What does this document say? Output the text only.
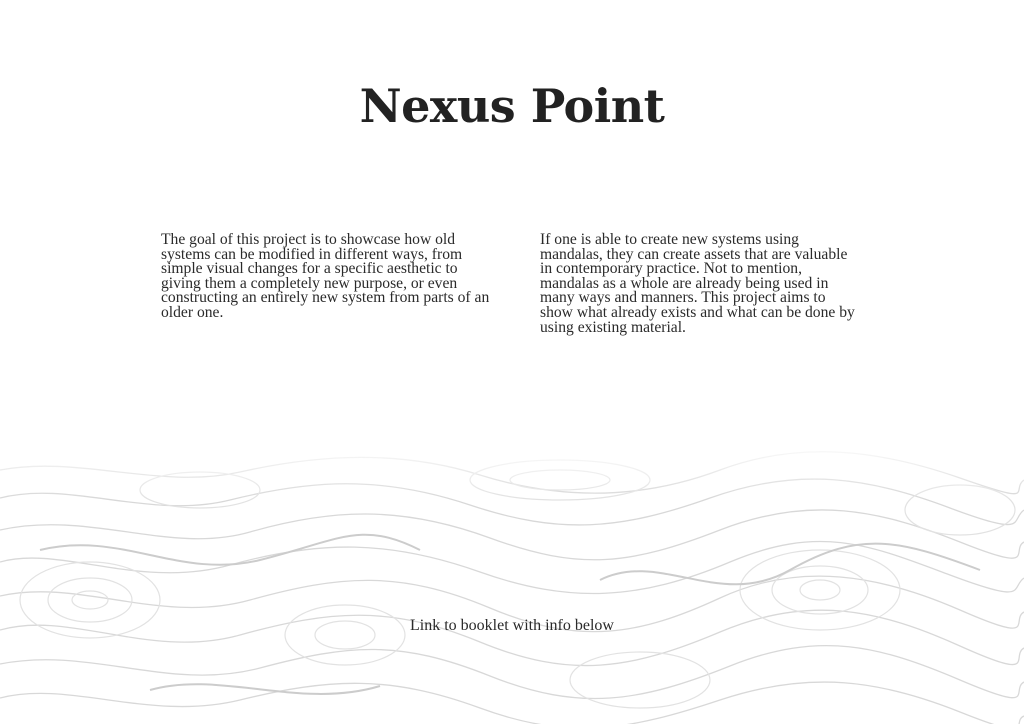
Nexus Point

The goal of this project is to showcase how old systems can be modified in different ways, from simple visual changes for a specific aesthetic to giving them a completely new purpose, or even constructing an entirely new system from parts of an older one.

If one is able to create new systems using mandalas, they can create assets that are valuable in contemporary practice. Not to mention, mandalas as a whole are already being used in many ways and manners. This project aims to show what already exists and what can be done by using existing material.

Link to booklet with info below
